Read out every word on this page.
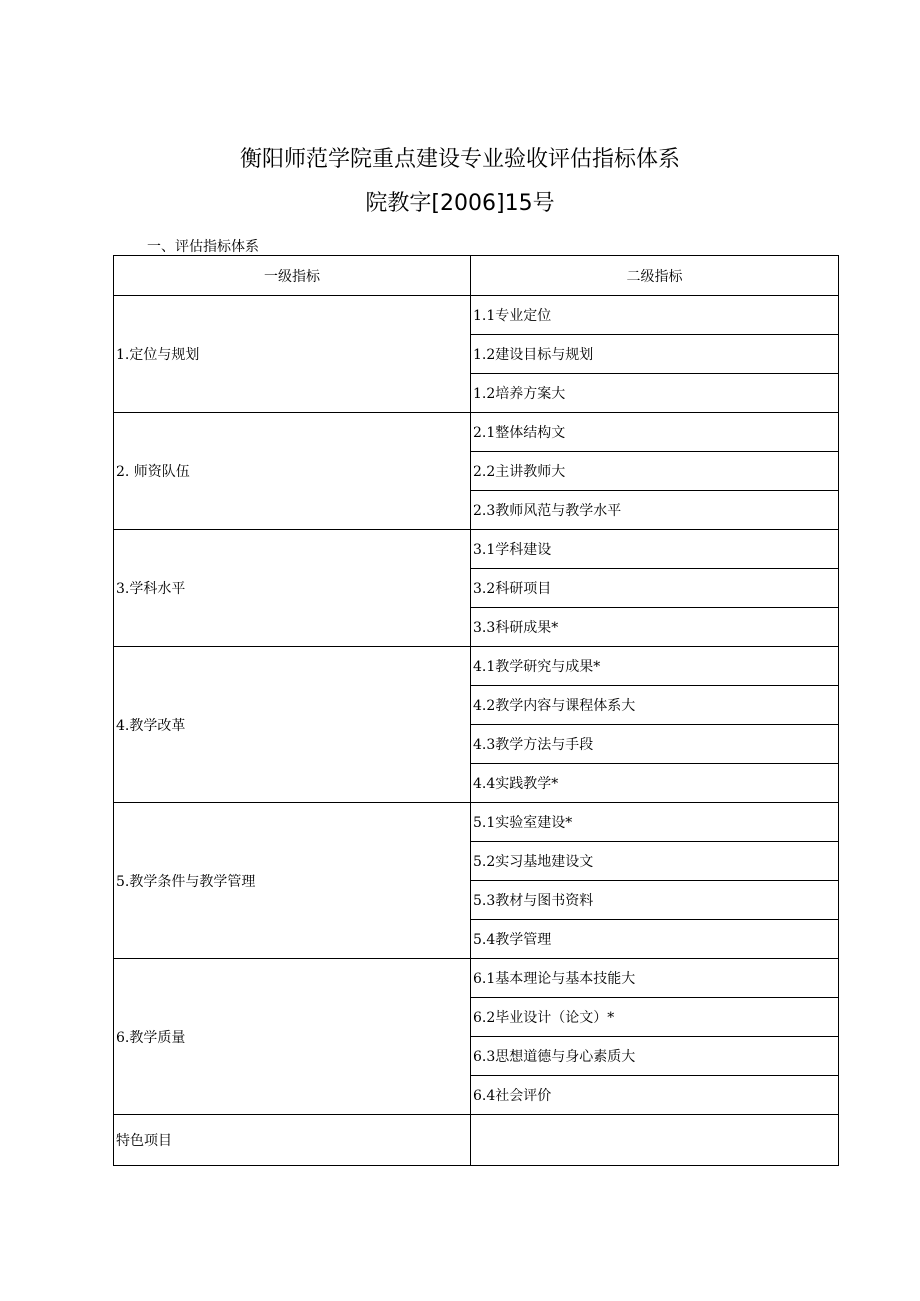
衡阳师范学院重点建设专业验收评估指标体系
院教字[2006]15号
一、评估指标体系
一级指标	二级指标
1.定位与规划	1.1专业定位
	1.2建设目标与规划
	1.2培养方案大
2. 师资队伍	2.1整体结构文
	2.2主讲教师大
	2.3教师风范与教学水平
3.学科水平	3.1学科建设
	3.2科研项目
	3.3科研成果*
4.教学改革	4.1教学研究与成果*
	4.2教学内容与课程体系大
	4.3教学方法与手段
	4.4实践教学*
5.教学条件与教学管理	5.1实验室建设*
	5.2实习基地建设文
	5.3教材与图书资料
	5.4教学管理
6.教学质量	6.1基本理论与基本技能大
	6.2毕业设计（论文）*
	6.3思想道德与身心素质大
	6.4社会评价
特色项目	
